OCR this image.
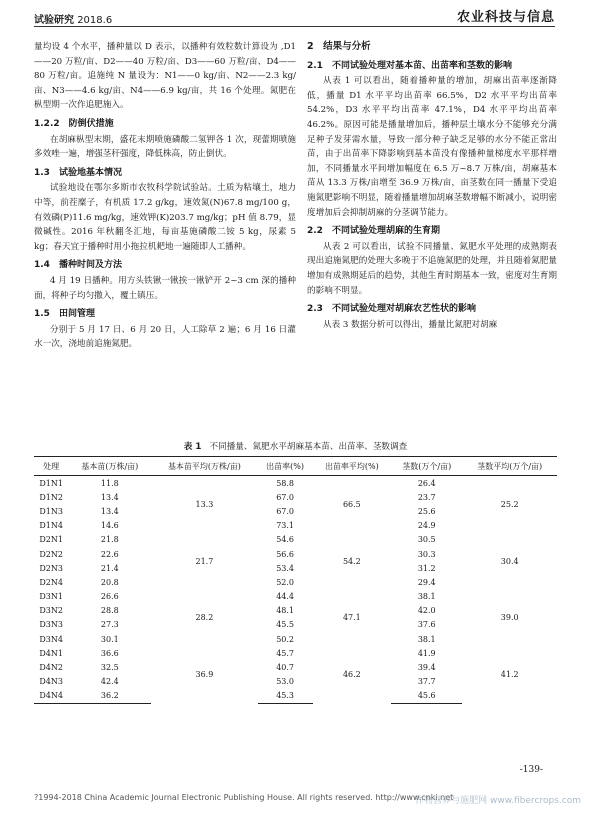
试验研究 2018.6	农业科技与信息

量均设 4 个水平，播种量以 D 表示，以播种有效粒数计算设为 ,D1——20 万粒/亩、D2——40 万粒/亩、D3——60 万粒/亩、D4——80 万粒/亩。追施纯 N 量设为：N1——0 kg/亩、N2——2.3 kg/亩、N3——4.6 kg/亩、N4——6.9 kg/亩，共 16 个处理。氮肥在枞型期一次作追肥施入。

1.2.2　防倒伏措施

在胡麻枞型末期，盛花末期喷施磷酸二氢钾各 1 次，现蕾期喷施多效唑一遍，增强茎秆强度，降低株高，防止倒伏。

1.3　试验地基本情况

试验地设在鄂尔多斯市农牧科学院试验站。土质为粘壤土，地力中等，前茬糜子，有机质 17.2 g/kg，速效氮(N)67.8 mg/100 g，有效磷(P)11.6 mg/kg，速效钾(K)203.7 mg/kg；pH 值 8.79，显微碱性。2016 年秋翻冬汇地，每亩基施磷酸二铵 5 kg，尿素 5 kg；春天宜于播种时用小拖拉机耙地一遍随即人工播种。

1.4　播种时间及方法

4 月 19 日播种。用方头铁锹一锹挨一锹铲开 2~3 cm 深的播种面，将种子均匀撒入，覆土镇压。

1.5　田间管理

分别于 5 月 17 日、6 月 20 日，人工除草 2 遍；6 月 16 日灌水一次，浇地前追施氮肥。

2　结果与分析
2.1　不同试验处理对基本苗、出苗率和茎数的影响

从表 1 可以看出，随着播种量的增加，胡麻出苗率逐渐降低，播量 D1 水平平均出苗率 66.5%，D2 水平平均出苗率 54.2%，D3 水平平均出苗率 47.1%，D4 水平平均出苗率 46.2%。原因可能是播量增加后，播种层土壤水分不能够充分满足种子发芽需水量，导致一部分种子缺乏足够的水分不能正常出苗，由于出苗率下降影响到基本苗没有像播种量梯度水平那样增加，不同播量水平间增加幅度在 6.5 万~8.7 万株/亩，胡麻基本苗从 13.3 万株/亩增至 36.9 万株/亩，亩茎数在同一播量下受追施氮肥影响不明显，随着播量增加胡麻茎数增幅不断减小，说明密度增加后会抑制胡麻的分茎调节能力。

2.2　不同试验处理胡麻的生育期

从表 2 可以看出，试验不同播量、氮肥水平处理的成熟期表现出追施氮肥的处理大多晚于不追施氮肥的处理，并且随着氮肥量增加有成熟期延后的趋势，其他生育时期基本一致，密度对生育期的影响不明显。

2.3　不同试验处理对胡麻农艺性状的影响

从表 3 数据分析可以得出，播量比氮肥对胡麻

表 1 不同播量、氮肥水平胡麻基本苗、出苗率、茎数调查
处理	基本苗(万株/亩)	基本苗平均(万株/亩)	出苗率(%)	出苗率平均(%)	茎数(万个/亩)	茎数平均(万个/亩)
D1N1	11.8	13.3	58.8	66.5	26.4	25.2
D1N2	13.4		67.0		23.7	
D1N3	13.4		67.0		25.6	
D1N4	14.6		73.1		24.9	
D2N1	21.8	21.7	54.6	54.2	30.5	30.4
D2N2	22.6		56.6		30.3	
D2N3	21.4		53.4		31.2	
D2N4	20.8		52.0		29.4	
D3N1	26.6	28.2	44.4	47.1	38.1	39.0
D3N2	28.8		48.1		42.0	
D3N3	27.3		45.5		37.6	
D3N4	30.1		50.2		38.1	
D4N1	36.6	36.9	45.7	46.2	41.9	41.2
D4N2	32.5		40.7		39.4	
D4N3	42.4		53.0		37.7	
D4N4	36.2		45.3		45.6	
-139-
?1994-2018 China Academic Journal Electronic Publishing House. All rights reserved. http://www.cnki.net
作物营养与施肥网 www.fibercrops.com
